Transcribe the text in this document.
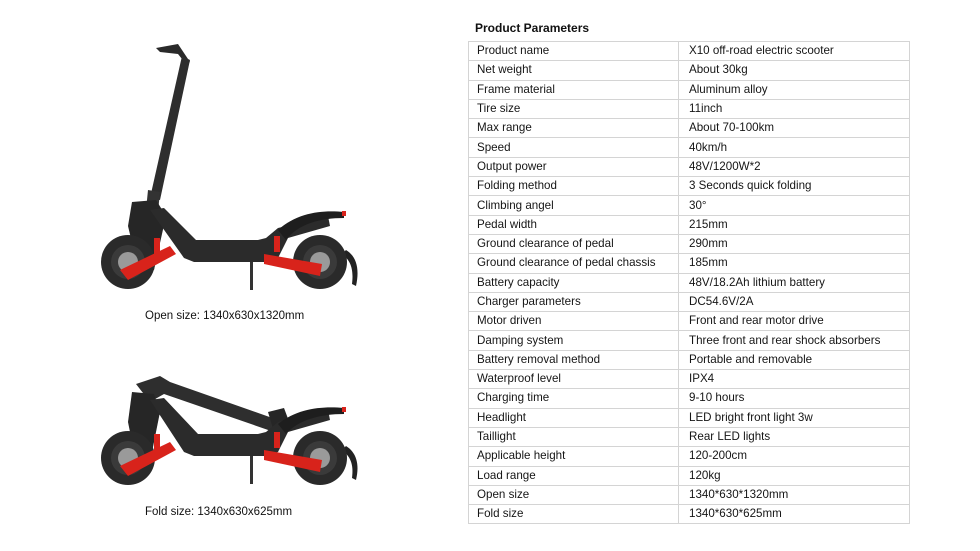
Open size: 1340x630x1320mm
Fold size: 1340x630x625mm
Product Parameters
Product name	X10 off-road electric scooter
Net weight	About 30kg
Frame material	Aluminum alloy
Tire size	11inch
Max range	About 70-100km
Speed	40km/h
Output power	48V/1200W*2
Folding method	3 Seconds quick folding
Climbing angel	30°
Pedal width	215mm
Ground clearance of pedal	290mm
Ground clearance of pedal chassis	185mm
Battery capacity	48V/18.2Ah lithium battery
Charger parameters	DC54.6V/2A
Motor driven	Front and rear motor drive
Damping system	Three front and rear shock absorbers
Battery removal method	Portable and removable
Waterproof level	IPX4
Charging time	9-10 hours
Headlight	LED bright front light 3w
Taillight	Rear LED lights
Applicable height	120-200cm
Load range	120kg
Open size	1340*630*1320mm
Fold size	1340*630*625mm
